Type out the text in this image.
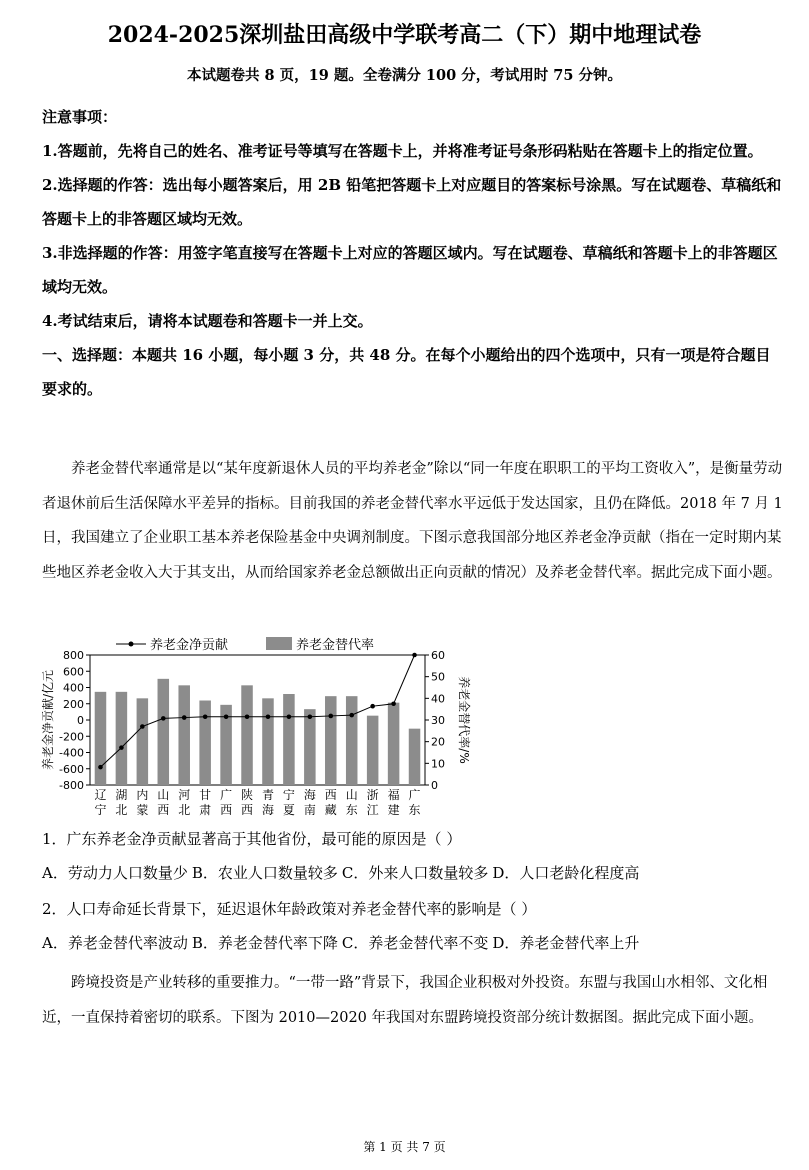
2024-2025深圳盐田高级中学联考高二（下）期中地理试卷
本试题卷共 8 页，19 题。全卷满分 100 分，考试用时 75 分钟。

注意事项：

1.答题前，先将自己的姓名、准考证号等填写在答题卡上，并将准考证号条形码粘贴在答题卡上的指定位置。

2.选择题的作答：选出每小题答案后，用 2B 铅笔把答题卡上对应题目的答案标号涂黑。写在试题卷、草稿纸和答题卡上的非答题区域均无效。

3.非选择题的作答：用签字笔直接写在答题卡上对应的答题区域内。写在试题卷、草稿纸和答题卡上的非答题区域均无效。

4.考试结束后，请将本试题卷和答题卡一并上交。

一、选择题：本题共 16 小题，每小题 3 分，共 48 分。在每个小题给出的四个选项中，只有一项是符合题目要求的。

养老金替代率通常是以“某年度新退休人员的平均养老金”除以“同一年度在职职工的平均工资收入”，是衡量劳动者退休前后生活保障水平差异的指标。目前我国的养老金替代率水平远低于发达国家，且仍在降低。2018 年 7 月 1 日，我国建立了企业职工基本养老保险基金中央调剂制度。下图示意我国部分地区养老金净贡献（指在一定时期内某些地区养老金收入大于其支出，从而给国家养老金总额做出正向贡献的情况）及养老金替代率。据此完成下面小题。

养老金净贡献	养老金替代率
800
600
400
200
0
-200
-400
-600
-800
60
50
40
30
20
10
0
辽
宁
湖
北
内
蒙
山
西
河
北
甘
肃
广
西
陕
西
青
海
宁
夏
海
南
西
藏
山
东
浙
江
福
建
广
东
养老金净贡献/亿元	养老金替代率/%

1．广东养老金净贡献显著高于其他省份，最可能的原因是（ ）

A．劳动力人口数量少 B．农业人口数量较多 C．外来人口数量较多 D．人口老龄化程度高

2．人口寿命延长背景下，延迟退休年龄政策对养老金替代率的影响是（ ）

A．养老金替代率波动 B．养老金替代率下降 C．养老金替代率不变 D．养老金替代率上升

跨境投资是产业转移的重要推力。“一带一路”背景下，我国企业积极对外投资。东盟与我国山水相邻、文化相近，一直保持着密切的联系。下图为 2010—2020 年我国对东盟跨境投资部分统计数据图。据此完成下面小题。

第 1 页 共 7 页
